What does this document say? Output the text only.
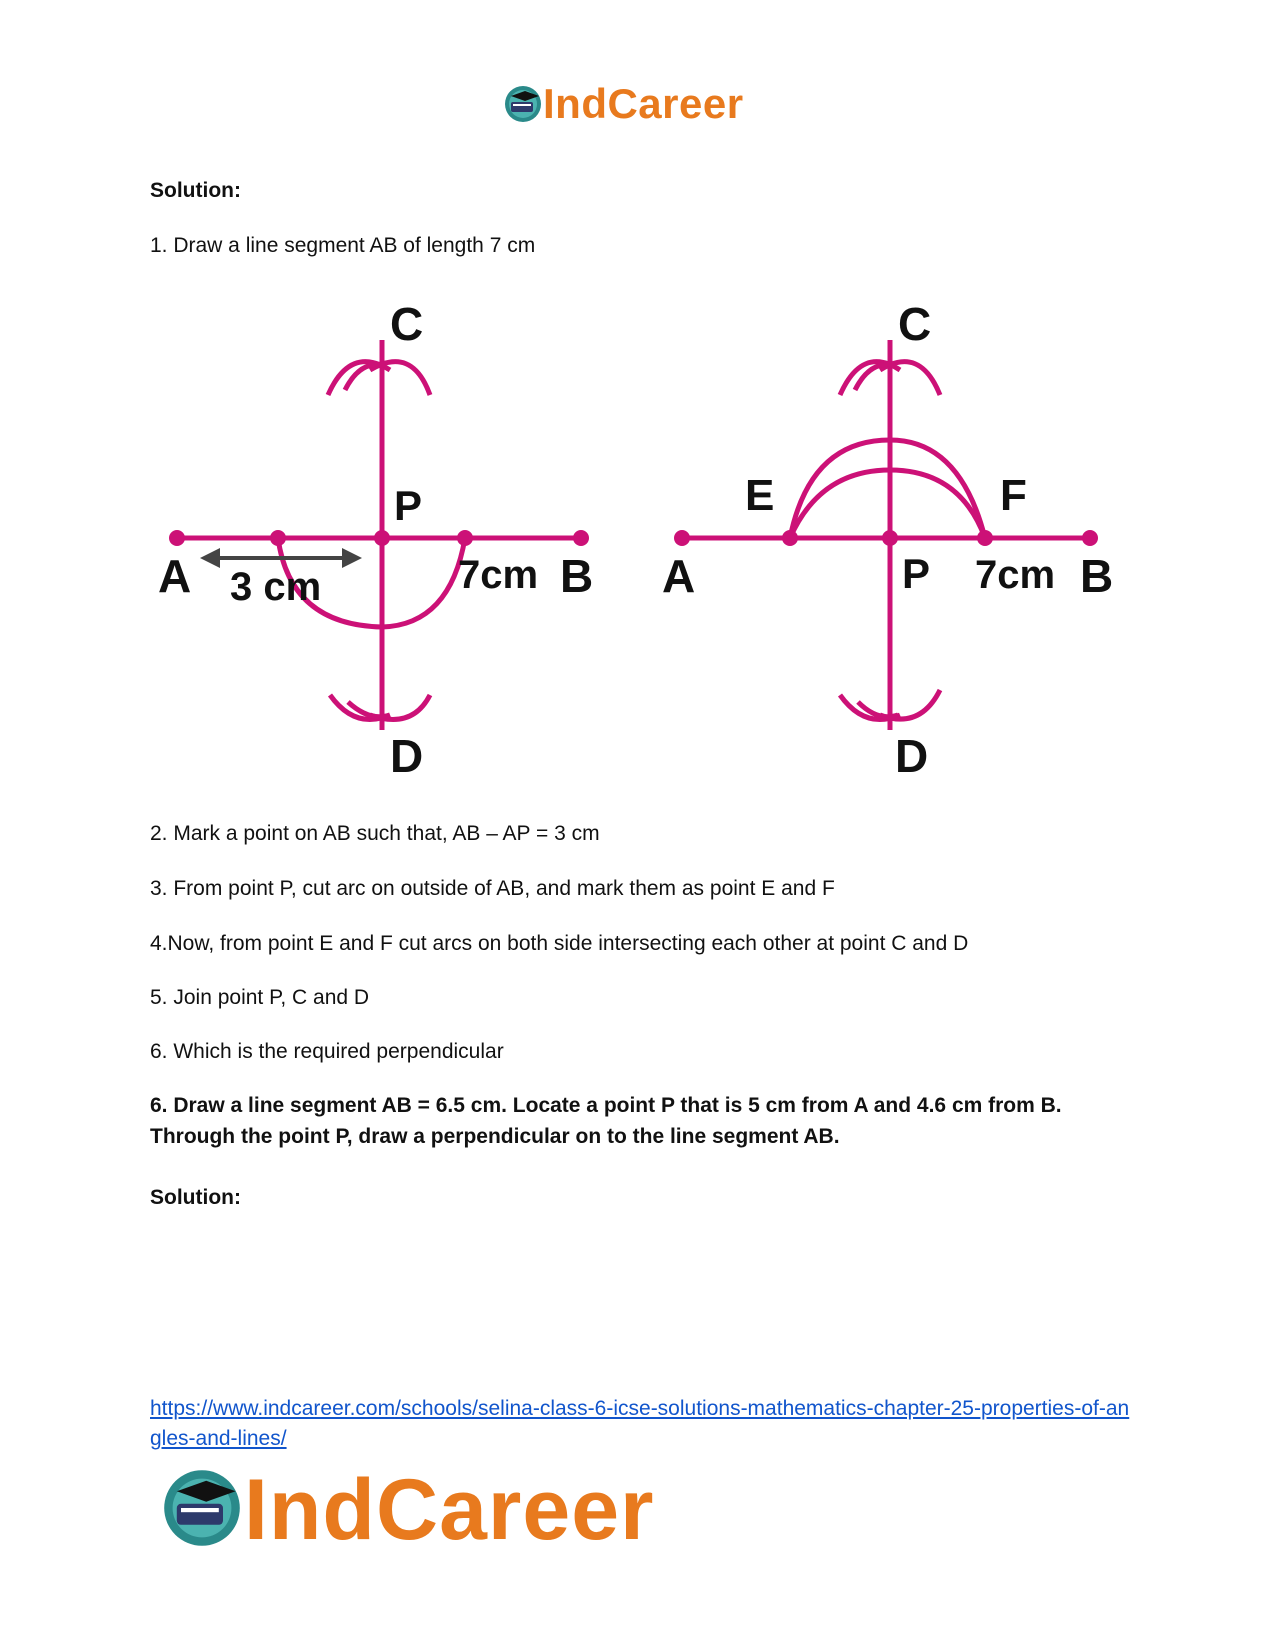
IndCareer
Solution:
1. Draw a line segment AB of length 7 cm
A	B
C
D
P
3 cm	7cm	A	B
C
D
P
E	F
7cm
2. Mark a point on AB such that, AB – AP = 3 cm
3. From point P, cut arc on outside of AB, and mark them as point E and F
4.Now, from point E and F cut arcs on both side intersecting each other at point C and D
5. Join point P, C and D
6. Which is the required perpendicular
6. Draw a line segment AB = 6.5 cm. Locate a point P that is 5 cm from A and 4.6 cm from B. Through the point P, draw a perpendicular on to the line segment AB.
Solution:
https://www.indcareer.com/schools/selina-class-6-icse-solutions-mathematics-chapter-25-properties-of-angles-and-lines/
IndCareer
